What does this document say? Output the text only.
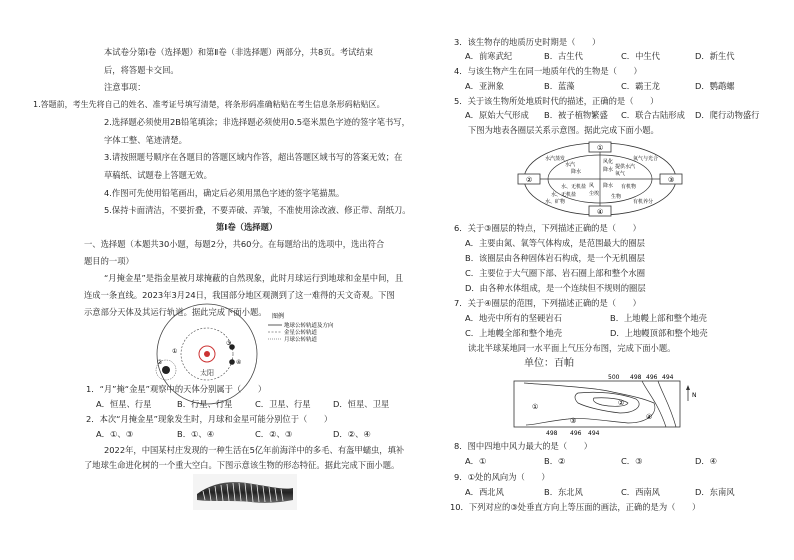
本试卷分第Ⅰ卷（选择题）和第Ⅱ卷（非选择题）两部分，共8页。考试结束
后，将答题卡交回。
注意事项：
1.答题前，考生先将自己的姓名、准考证号填写清楚，将条形码准确粘贴在考生信息条形码粘贴区。
2.选择题必须使用2B铅笔填涂；非选择题必须使用0.5毫米黑色字迹的签字笔书写，
字体工整、笔迹清楚。
3.请按照题号顺序在各题目的答题区域内作答，超出答题区域书写的答案无效；在
草稿纸、试题卷上答题无效。
4.作图可先使用铅笔画出，确定后必须用黑色字迹的签字笔描黑。
5.保持卡面清洁，不要折叠，不要弄破、弄皱，不准使用涂改液、修正带、刮纸刀。
第Ⅰ卷（选择题）
一、选择题（本题共30小题，每题2分，共60分。在每题给出的选项中，选出符合
题目的一项）
“月掩金星”是指金星被月球掩蔽的自然现象，此时月球运行到地球和金星中间，且
连成一条直线。2023年3月24日，我国部分地区观测到了这一难得的天文奇观。下图
示意部分天体及其运行轨道。据此完成下面小题。
太阳
①
②
③
④
图例
地球公转轨道及方向
金星公转轨道
月球公转轨道
1．“月”掩“金星”观察中的天体分别属于（　　）
A．恒星、行星	B．行星、行星	C．卫星、行星	D．恒星、卫星
2．本次“月掩金星”现象发生时，月球和金星可能分别位于（　　）
A．①、③	B．①、④	C．②、③	D．②、④
2022年，中国某村庄发现的一种生活在5亿年前海洋中的多毛、有盔甲蠕虫，填补
了地球生命进化树的一个重大空白。下图示意该生物的形态特征。据此完成下面小题。
3．该生物存的地质历史时期是（　　）
A．前寒武纪	B．古生代	C．中生代	D．新生代
4．与该生物产生在同一地质年代的生物是（　　）
A．亚洲象	B．蓝藻	C．霸王龙	D．鹦鹉螺
5．关于该生物所处地质时代的描述，正确的是（　　）
A．原始大气形成 B．被子植物繁盛 C．联合古陆形成 D．爬行动物盛行
下图为地表各圈层关系示意图。据此完成下面小题。
①
②	③
④
水汽蒸发	氧气与光合
水、矿物	有机养分
水汽
降水
风化
提供水汽
氧气
降水
水、无机盐	有机物
尘埃
降水
风
生物
水、无机盐
6．关于③圈层的特点，下列描述正确的是（　　）
A．主要由氮、氧等气体构成，是范围最大的圈层
B．该圈层由各种固体岩石构成，是一个无机圈层
C．主要位于大气圈下部、岩石圈上部和整个水圈
D．由各种水体组成，是一个连续但不规则的圈层
7．关于④圈层的范围，下列描述正确的是（　　）
A．地壳中所有的坚硬岩石	B．上地幔上部和整个地壳
C．上地幔全部和整个地壳	D．上地幔顶部和整个地壳
读北半球某地同一水平面上气压分布图，完成下面小题。
单位：百帕
500 498 496 494
498 496 494
①	②
③	④
N
8．图中四地中风力最大的是（　　）
A．①	B．②	C．③	D．④
9．①处的风向为（　　）
A．西北风	B．东北风	C．西南风	D．东南风
10．下列对应的③处垂直方向上等压面的画法，正确的是为（　　）
